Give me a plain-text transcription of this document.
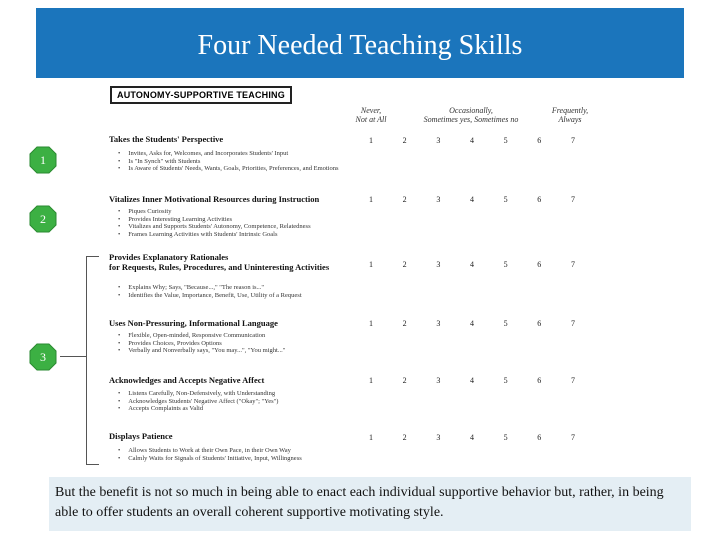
Four Needed Teaching Skills
AUTONOMY-SUPPORTIVE TEACHING
Never,
Not at All
Occasionally,
Sometimes yes, Sometimes no
Frequently,
Always
Takes the Students' Perspective	1	2	3	4	5	6	7
• Invites, Asks for, Welcomes, and Incorporates Students' Input
• Is "In Synch" with Students
• Is Aware of Students' Needs, Wants, Goals, Priorities, Preferences, and Emotions
Vitalizes Inner Motivational Resources during Instruction	1	2	3	4	5	6	7
• Piques Curiosity
• Provides Interesting Learning Activities
• Vitalizes and Supports Students' Autonomy, Competence, Relatedness
• Frames Learning Activities with Students' Intrinsic Goals
Provides Explanatory Rationales
for Requests, Rules, Procedures, and Uninteresting Activities	1	2	3	4	5	6	7
• Explains Why; Says, "Because...," "The reason is..."
• Identifies the Value, Importance, Benefit, Use, Utility of a Request
Uses Non-Pressuring, Informational Language	1	2	3	4	5	6	7
• Flexible, Open-minded, Responsive Communication
• Provides Choices, Provides Options
• Verbally and Nonverbally says, "You may...", "You might..."
Acknowledges and Accepts Negative Affect	1	2	3	4	5	6	7
• Listens Carefully, Non-Defensively, with Understanding
• Acknowledges Students' Negative Affect ("Okay"; "Yes")
• Accepts Complaints as Valid
Displays Patience	1	2	3	4	5	6	7
• Allows Students to Work at their Own Pace, in their Own Way
• Calmly Waits for Signals of Students' Initiative, Input, Willingness
1
2
3

But the benefit is not so much in being able to enact each individual supportive behavior but, rather, in being able to offer students an overall coherent supportive motivating style.
